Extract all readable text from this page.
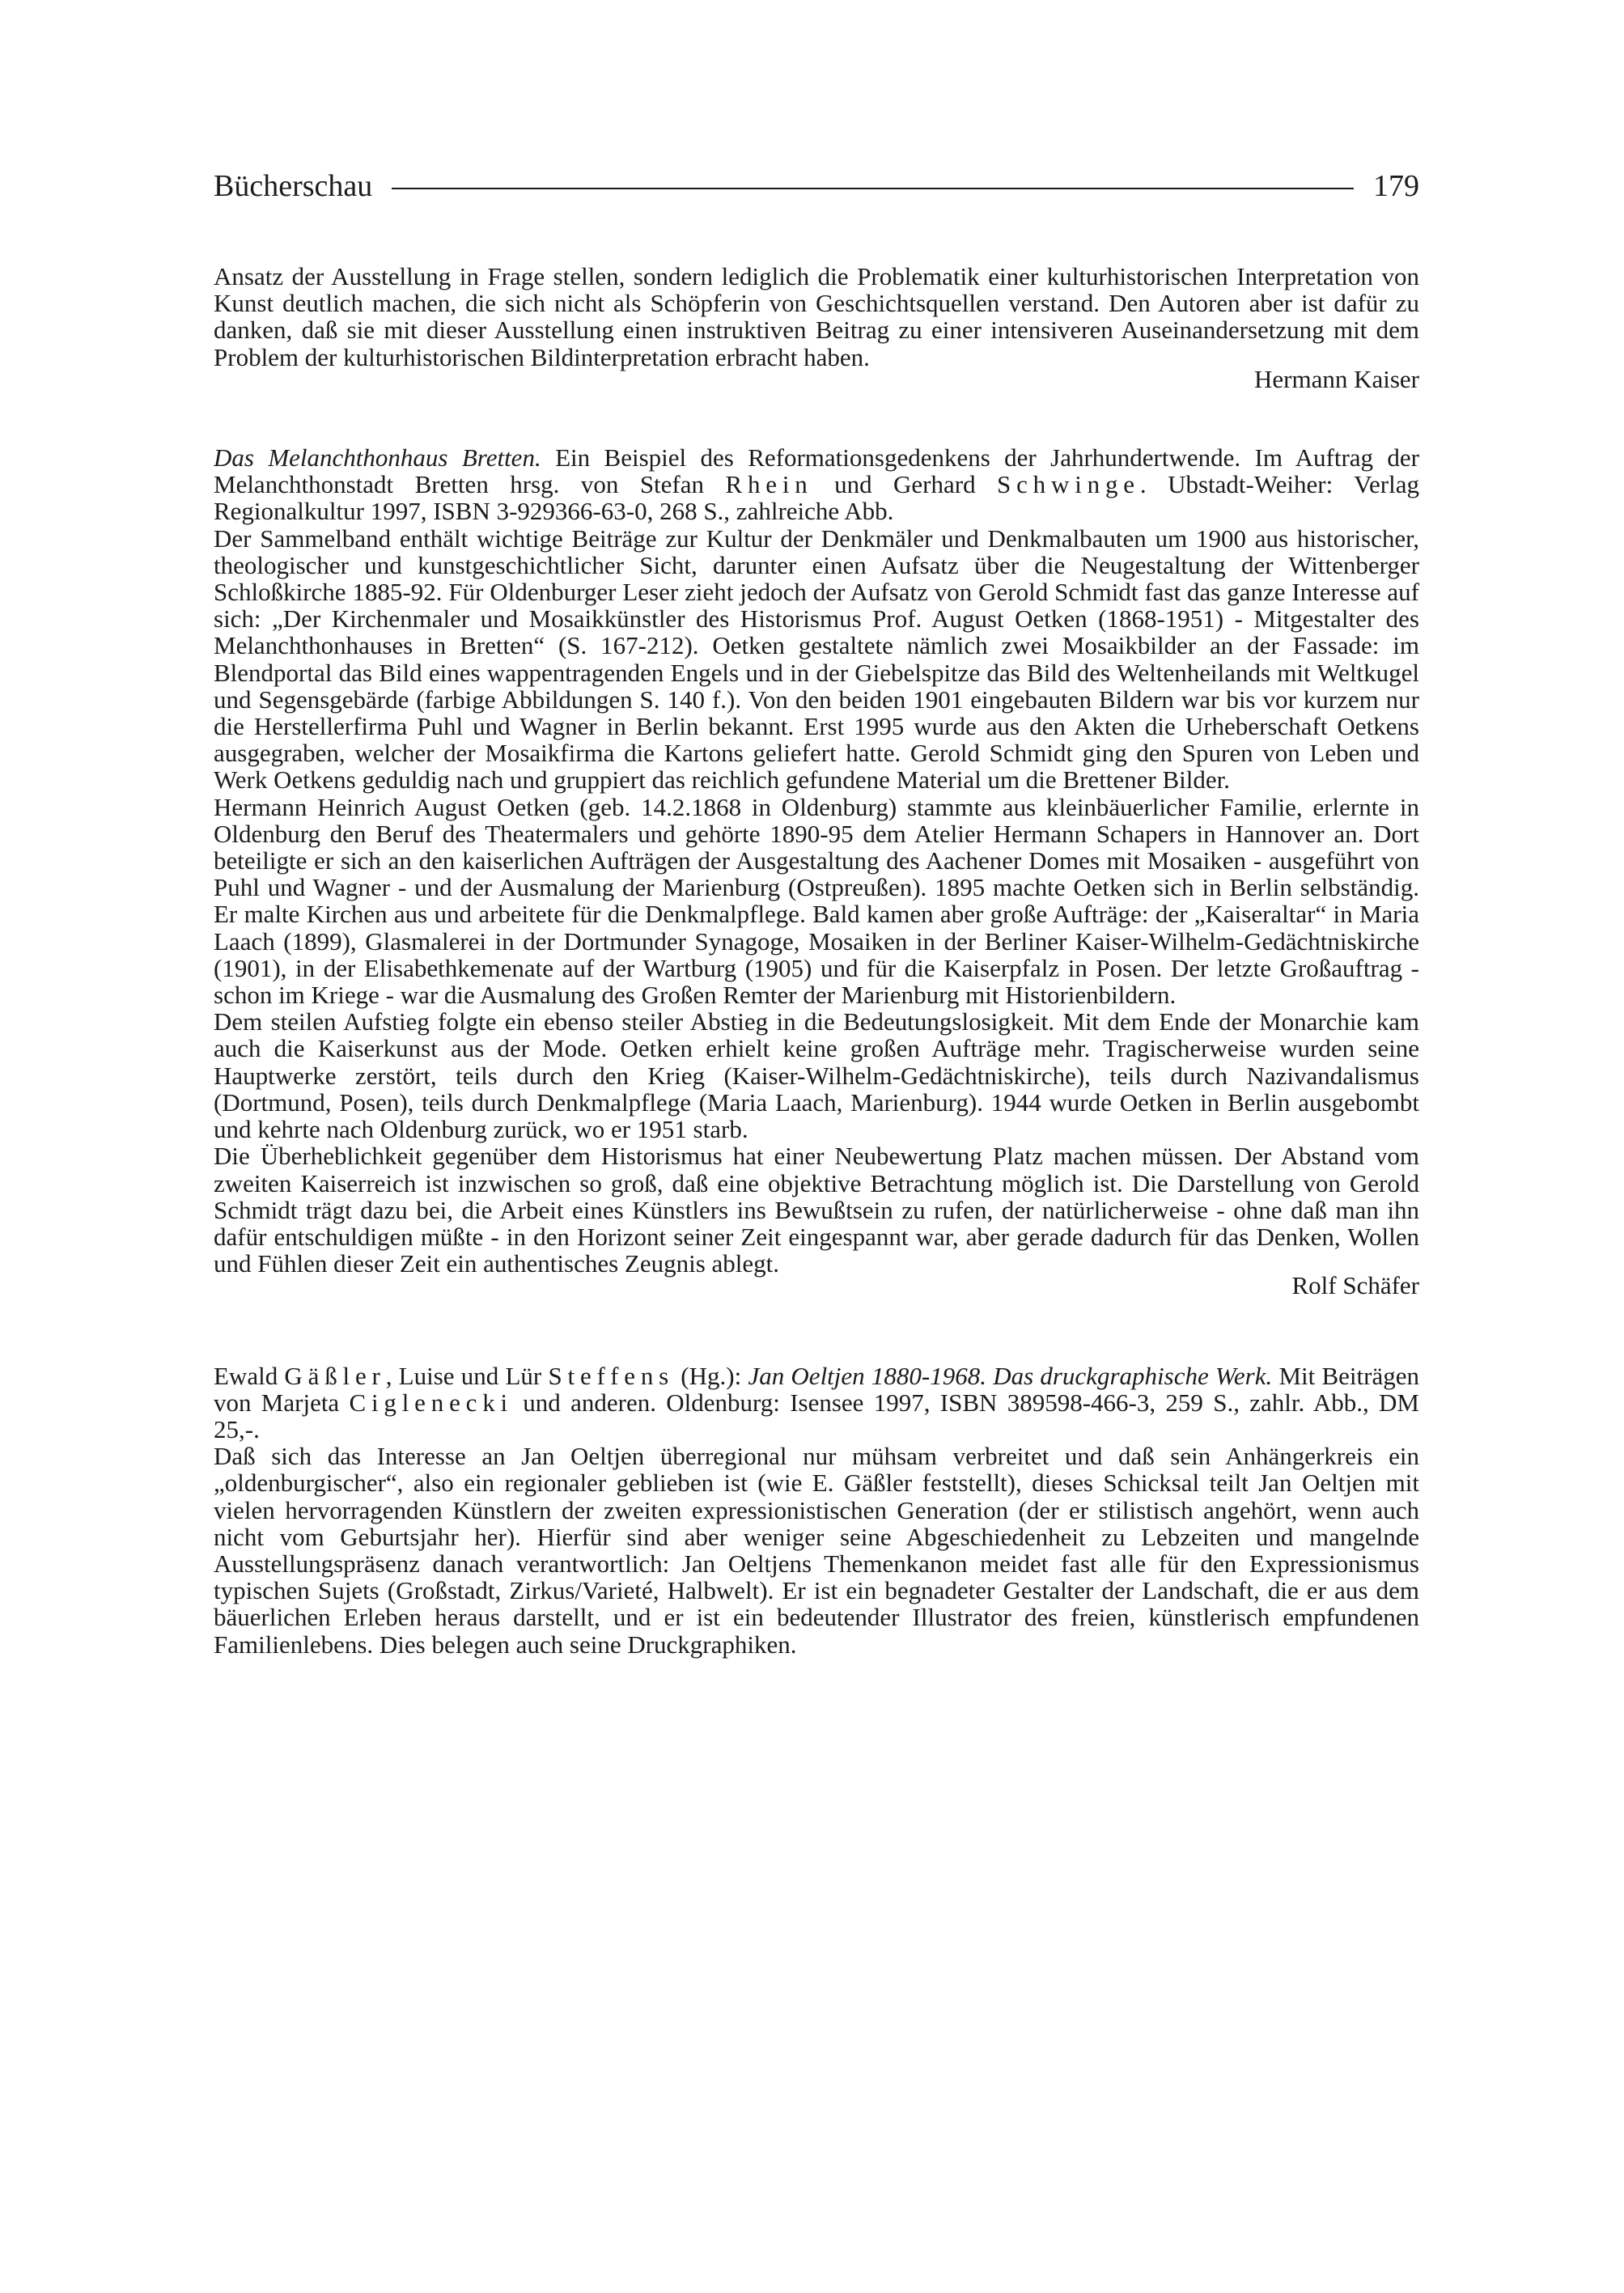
Bücherschau	179

Ansatz der Ausstellung in Frage stellen, sondern lediglich die Problematik einer kulturhistorischen Interpretation von Kunst deutlich machen, die sich nicht als Schöpferin von Geschichtsquellen verstand. Den Autoren aber ist dafür zu danken, daß sie mit dieser Ausstellung einen instruktiven Beitrag zu einer intensiveren Auseinandersetzung mit dem Problem der kulturhistorischen Bildinterpretation erbracht haben.

Hermann Kaiser

Das Melanchthonhaus Bretten. Ein Beispiel des Reformationsgedenkens der Jahrhundertwende. Im Auftrag der Melanchthonstadt Bretten hrsg. von Stefan Rhein und Gerhard Schwinge. Ubstadt-Weiher: Verlag Regionalkultur 1997, ISBN 3-929366-63-0, 268 S., zahlreiche Abb.

Der Sammelband enthält wichtige Beiträge zur Kultur der Denkmäler und Denkmalbauten um 1900 aus historischer, theologischer und kunstgeschichtlicher Sicht, darunter einen Aufsatz über die Neugestaltung der Wittenberger Schloßkirche 1885-92. Für Oldenburger Leser zieht jedoch der Aufsatz von Gerold Schmidt fast das ganze Interesse auf sich: „Der Kirchenmaler und Mosaikkünstler des Historismus Prof. August Oetken (1868-1951) - Mitgestalter des Melanchthonhauses in Bretten“ (S. 167-212). Oetken gestaltete nämlich zwei Mosaikbilder an der Fassade: im Blendportal das Bild eines wappentragenden Engels und in der Giebelspitze das Bild des Weltenheilands mit Weltkugel und Segensgebärde (farbige Abbildungen S. 140 f.). Von den beiden 1901 eingebauten Bildern war bis vor kurzem nur die Herstellerfirma Puhl und Wagner in Berlin bekannt. Erst 1995 wurde aus den Akten die Urheberschaft Oetkens ausgegraben, welcher der Mosaikfirma die Kartons geliefert hatte. Gerold Schmidt ging den Spuren von Leben und Werk Oetkens geduldig nach und gruppiert das reichlich gefundene Material um die Brettener Bilder.

Hermann Heinrich August Oetken (geb. 14.2.1868 in Oldenburg) stammte aus kleinbäuerlicher Familie, erlernte in Oldenburg den Beruf des Theatermalers und gehörte 1890-95 dem Atelier Hermann Schapers in Hannover an. Dort beteiligte er sich an den kaiserlichen Aufträgen der Ausgestaltung des Aachener Domes mit Mosaiken - ausgeführt von Puhl und Wagner - und der Ausmalung der Marienburg (Ostpreußen). 1895 machte Oetken sich in Berlin selbständig. Er malte Kirchen aus und arbeitete für die Denkmalpflege. Bald kamen aber große Aufträge: der „Kaiseraltar“ in Maria Laach (1899), Glasmalerei in der Dortmunder Synagoge, Mosaiken in der Berliner Kaiser-Wilhelm-Gedächtniskirche (1901), in der Elisabethkemenate auf der Wartburg (1905) und für die Kaiserpfalz in Posen. Der letzte Großauftrag - schon im Kriege - war die Ausmalung des Großen Remter der Marienburg mit Historienbildern.

Dem steilen Aufstieg folgte ein ebenso steiler Abstieg in die Bedeutungslosigkeit. Mit dem Ende der Monarchie kam auch die Kaiserkunst aus der Mode. Oetken erhielt keine großen Aufträge mehr. Tragischerweise wurden seine Hauptwerke zerstört, teils durch den Krieg (Kaiser-Wilhelm-Gedächtniskirche), teils durch Nazivandalismus (Dortmund, Posen), teils durch Denkmalpflege (Maria Laach, Marienburg). 1944 wurde Oetken in Berlin ausgebombt und kehrte nach Oldenburg zurück, wo er 1951 starb.

Die Überheblichkeit gegenüber dem Historismus hat einer Neubewertung Platz machen müssen. Der Abstand vom zweiten Kaiserreich ist inzwischen so groß, daß eine objektive Betrachtung möglich ist. Die Darstellung von Gerold Schmidt trägt dazu bei, die Arbeit eines Künstlers ins Bewußtsein zu rufen, der natürlicherweise - ohne daß man ihn dafür entschuldigen müßte - in den Horizont seiner Zeit eingespannt war, aber gerade dadurch für das Denken, Wollen und Fühlen dieser Zeit ein authentisches Zeugnis ablegt.

Rolf Schäfer

Ewald Gäßler, Luise und Lür Steffens (Hg.): Jan Oeltjen 1880-1968. Das druckgraphische Werk. Mit Beiträgen von Marjeta Ciglenecki und anderen. Oldenburg: Isensee 1997, ISBN 389598-466-3, 259 S., zahlr. Abb., DM 25,-.

Daß sich das Interesse an Jan Oeltjen überregional nur mühsam verbreitet und daß sein Anhängerkreis ein „oldenburgischer“, also ein regionaler geblieben ist (wie E. Gäßler feststellt), dieses Schicksal teilt Jan Oeltjen mit vielen hervorragenden Künstlern der zweiten expressionistischen Generation (der er stilistisch angehört, wenn auch nicht vom Geburtsjahr her). Hierfür sind aber weniger seine Abgeschiedenheit zu Lebzeiten und mangelnde Ausstellungspräsenz danach verantwortlich: Jan Oeltjens Themenkanon meidet fast alle für den Expressionismus typischen Sujets (Großstadt, Zirkus/Varieté, Halbwelt). Er ist ein begnadeter Gestalter der Landschaft, die er aus dem bäuerlichen Erleben heraus darstellt, und er ist ein bedeutender Illustrator des freien, künstlerisch empfundenen Familienlebens. Dies belegen auch seine Druckgraphiken.
